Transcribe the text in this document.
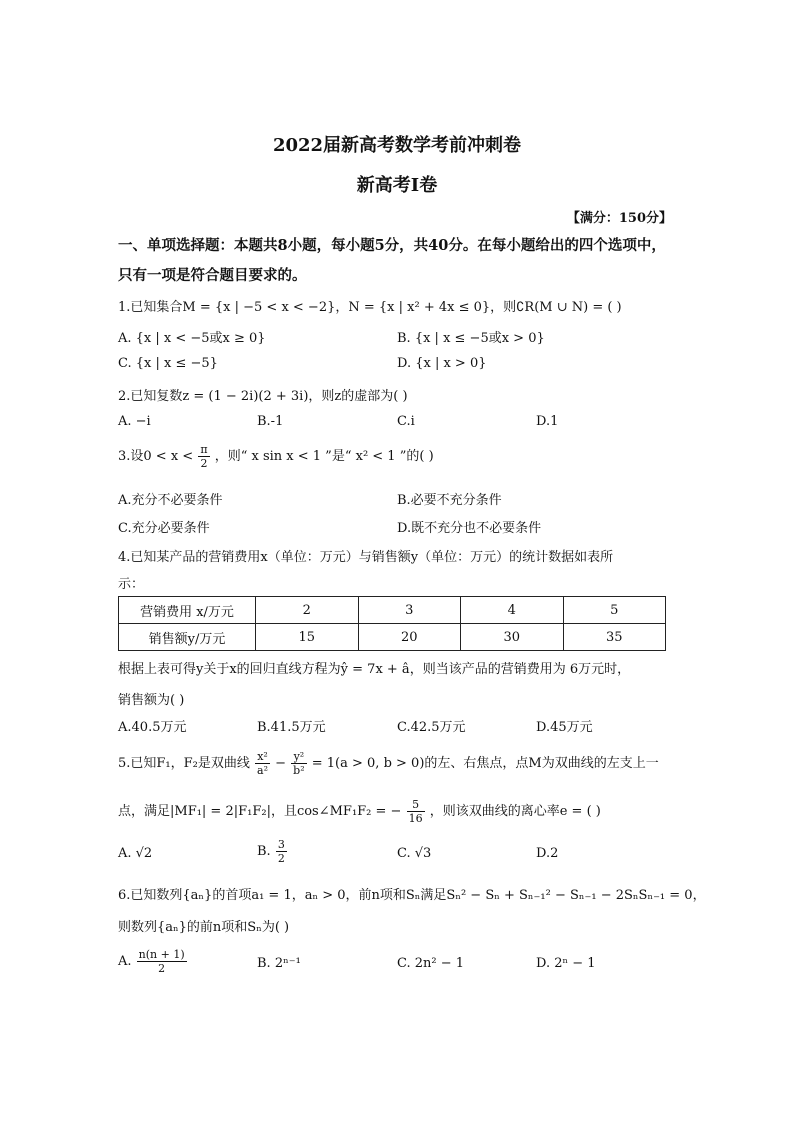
2022届新高考数学考前冲刺卷
新高考Ⅰ卷
【满分：150分】
一、单项选择题：本题共8小题，每小题5分，共40分。在每小题给出的四个选项中，只有一项是符合题目要求的。
1.已知集合M = {x | −5 < x < −2}，N = {x | x² + 4x ≤ 0}，则∁R(M ∪ N) = ( )
A. {x | x < −5或x ≥ 0}	B. {x | x ≤ −5或x > 0}
C. {x | x ≤ −5}	D. {x | x > 0}
2.已知复数z = (1 − 2i)(2 + 3i)，则z的虚部为( )
A. −i	B.-1	C.i	D.1
3.设$0 < x < \frac{\pi}{2}$ ，则“ x sin x < 1 ”是“ x² < 1 ”的( )
A.充分不必要条件	B.必要不充分条件
C.充分必要条件	D.既不充分也不必要条件
4.已知某产品的营销费用x（单位：万元）与销售额y（单位：万元）的统计数据如表所
示：
营销费用 x/万元	2	3	4	5
销售额y/万元	15	20	30	35
根据上表可得y关于x的回归直线方程为ŷ = 7x + â，则当该产品的营销费用为 6万元时，
销售额为( )
A.40.5万元	B.41.5万元	C.42.5万元	D.45万元
5.已知F₁，F₂是双曲线 $\frac{\text{x²}}{\text{a²}} - \frac{\text{y²}}{\text{b²}} = 1(a > 0$, b > 0)的左、右焦点，点M为双曲线的左支上一
点，满足|MF₁| = 2|F₁F₂|，且cos∠MF₁F₂ = − $\frac{5}{16}$ ，则该双曲线的离心率e = ( )
A. √2	B. $\frac{3}{2}$	C. √3	D.2
6.已知数列{aₙ}的首项a₁ = 1，aₙ > 0，前n项和Sₙ满足Sₙ² − Sₙ + Sₙ₋₁² − Sₙ₋₁ − 2SₙSₙ₋₁ = 0，
则数列{aₙ}的前n项和Sₙ为( )
A. $\frac{n(n + 1)}{2}$	B. 2ⁿ⁻¹	C. 2n² − 1	D. 2ⁿ − 1
